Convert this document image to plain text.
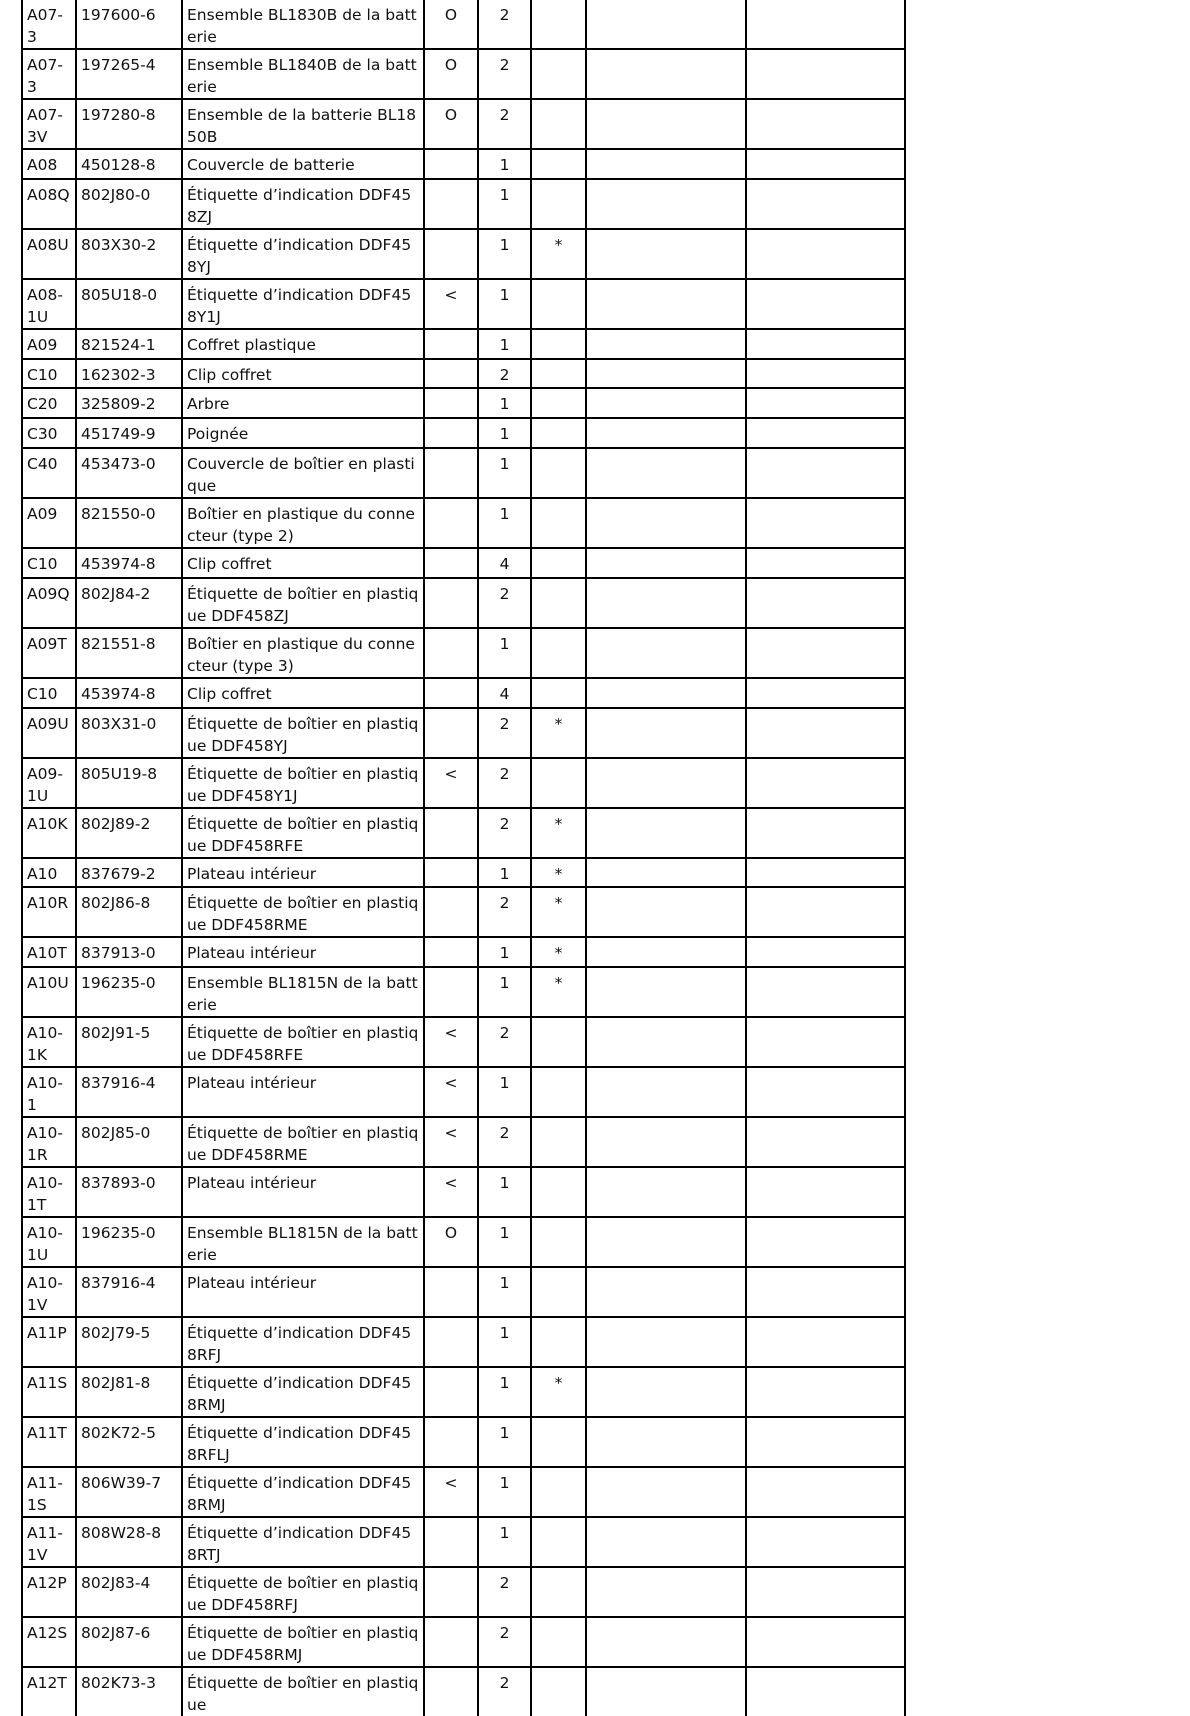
A07-3	197600-6	Ensemble BL1830B de la batterie	O	2			
A07-3	197265-4	Ensemble BL1840B de la batterie	O	2			
A07-3V	197280-8	Ensemble de la batterie BL1850B	O	2			
A08	450128-8	Couvercle de batterie		1			
A08Q	802J80-0	Étiquette d’indication DDF458ZJ		1			
A08U	803X30-2	Étiquette d’indication DDF458YJ		1	*		
A08-1U	805U18-0	Étiquette d’indication DDF458Y1J	<	1			
A09	821524-1	Coffret plastique		1			
C10	162302-3	Clip coffret		2			
C20	325809-2	Arbre		1			
C30	451749-9	Poignée		1			
C40	453473-0	Couvercle de boîtier en plastique		1			
A09	821550-0	Boîtier en plastique du connecteur (type 2)		1			
C10	453974-8	Clip coffret		4			
A09Q	802J84-2	Étiquette de boîtier en plastique DDF458ZJ		2			
A09T	821551-8	Boîtier en plastique du connecteur (type 3)		1			
C10	453974-8	Clip coffret		4			
A09U	803X31-0	Étiquette de boîtier en plastique DDF458YJ		2	*		
A09-1U	805U19-8	Étiquette de boîtier en plastique DDF458Y1J	<	2			
A10K	802J89-2	Étiquette de boîtier en plastique DDF458RFE		2	*		
A10	837679-2	Plateau intérieur		1	*		
A10R	802J86-8	Étiquette de boîtier en plastique DDF458RME		2	*		
A10T	837913-0	Plateau intérieur		1	*		
A10U	196235-0	Ensemble BL1815N de la batterie		1	*		
A10-1K	802J91-5	Étiquette de boîtier en plastique DDF458RFE	<	2			
A10-1	837916-4	Plateau intérieur	<	1			
A10-1R	802J85-0	Étiquette de boîtier en plastique DDF458RME	<	2			
A10-1T	837893-0	Plateau intérieur	<	1			
A10-1U	196235-0	Ensemble BL1815N de la batterie	O	1			
A10-1V	837916-4	Plateau intérieur		1			
A11P	802J79-5	Étiquette d’indication DDF458RFJ		1			
A11S	802J81-8	Étiquette d’indication DDF458RMJ		1	*		
A11T	802K72-5	Étiquette d’indication DDF458RFLJ		1			
A11-1S	806W39-7	Étiquette d’indication DDF458RMJ	<	1			
A11-1V	808W28-8	Étiquette d’indication DDF458RTJ		1			
A12P	802J83-4	Étiquette de boîtier en plastique DDF458RFJ		2			
A12S	802J87-6	Étiquette de boîtier en plastique DDF458RMJ		2			
A12T	802K73-3	Étiquette de boîtier en plastique		2			
